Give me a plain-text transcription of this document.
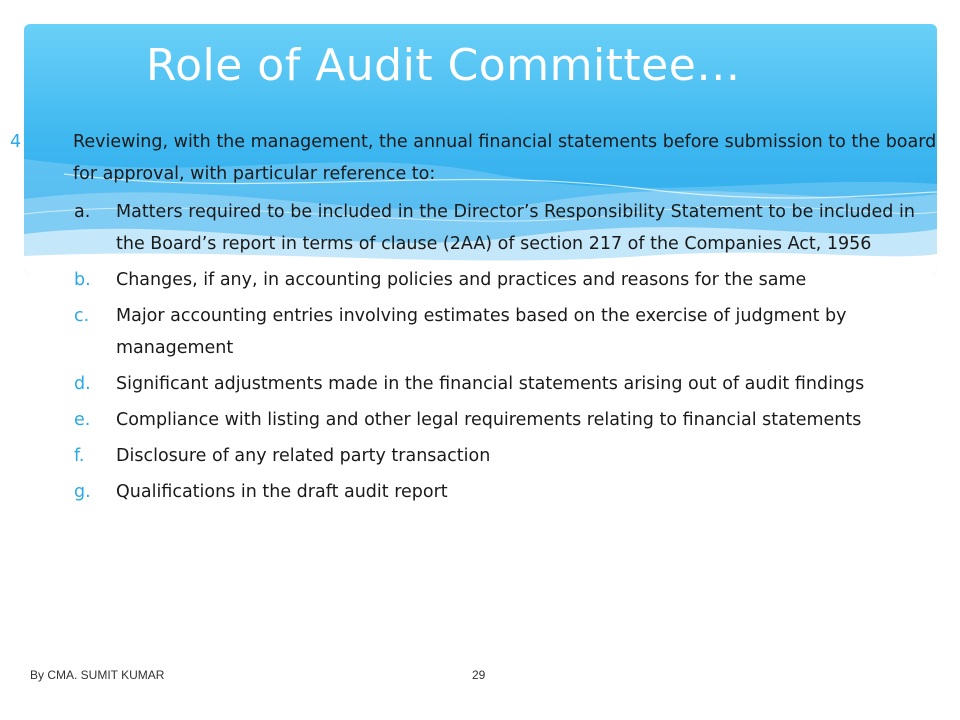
Role of Audit Committee…
4	Reviewing, with the management, the annual financial statements before submission to the board for approval, with particular reference to:
a.	Matters required to be included in the Director’s Responsibility Statement to be included in the Board’s report in terms of clause (2AA) of section 217 of the Companies Act, 1956
b.	Changes, if any, in accounting policies and practices and reasons for the same
c.	Major accounting entries involving estimates based on the exercise of judgment by management
d.	Significant adjustments made in the financial statements arising out of audit findings
e.	Compliance with listing and other legal requirements relating to financial statements
f.	Disclosure of any related party transaction
g.	Qualifications in the draft audit report
By CMA. SUMIT KUMAR	29
